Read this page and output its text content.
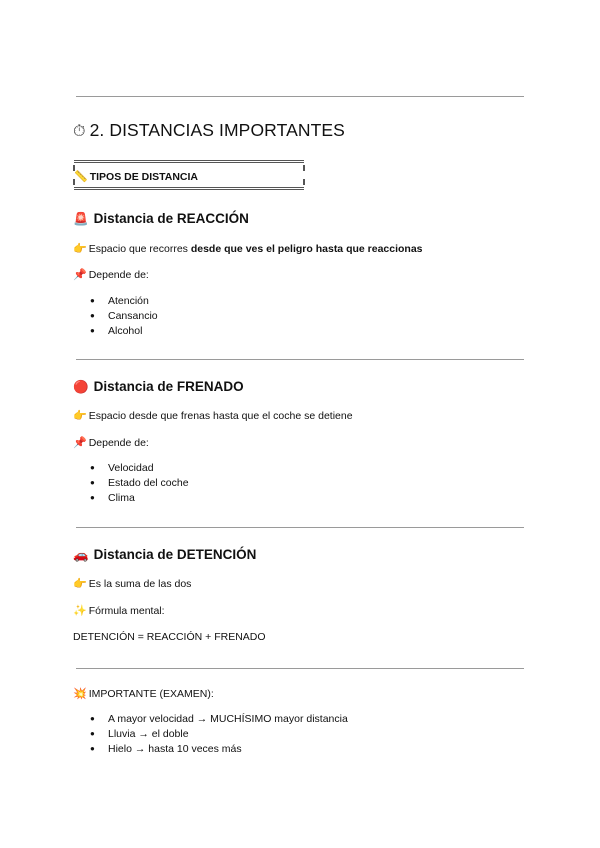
⏱ 2. DISTANCIAS IMPORTANTES
📏 TIPOS DE DISTANCIA
🚨 Distancia de REACCIÓN
👉 Espacio que recorres desde que ves el peligro hasta que reaccionas
📌 Depende de:
● Atención
● Cansancio
● Alcohol
🔴 Distancia de FRENADO
👉 Espacio desde que frenas hasta que el coche se detiene
📌 Depende de:
● Velocidad
● Estado del coche
● Clima
🚗 Distancia de DETENCIÓN
👉 Es la suma de las dos
✨ Fórmula mental:
DETENCIÓN = REACCIÓN + FRENADO
💥 IMPORTANTE (EXAMEN):
● A mayor velocidad → MUCHÍSIMO mayor distancia
● Lluvia → el doble
● Hielo → hasta 10 veces más
